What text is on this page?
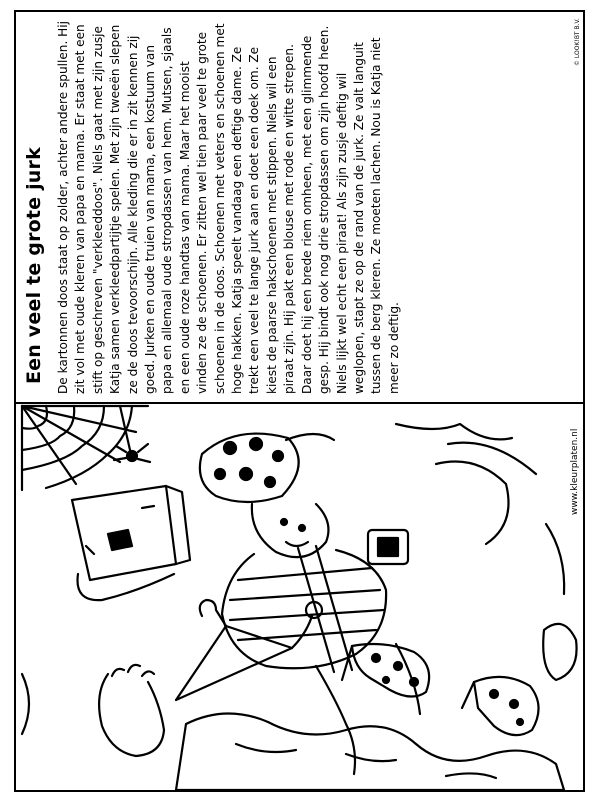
Een veel te grote jurk De kartonnen doos staat op zolder, achter andere spullen. Hij zit vol met oude kleren van papa en mama. Er staat met een stift op geschreven "verkleeddoos". Niels gaat met zijn zusje Katja samen verkleedpartijtje spelen. Met zijn tweeën slepen ze de doos tevoorschijn. Alle kleding die er in zit kennen zij goed. Jurken en oude truien van mama, een kostuum van papa en allemaal oude stropdassen van hem. Mutsen, sjaals en een oude roze handtas van mama. Maar het mooist vinden ze de schoenen. Er zitten wel tien paar veel te grote schoenen in de doos. Schoenen met veters en schoenen met hoge hakken. Katja speelt vandaag een deftige dame. Ze trekt een veel te lange jurk aan en doet een doek om. Ze kiest de paarse hakschoenen met stippen. Niels wil een piraat zijn. Hij pakt een blouse met rode en witte strepen. Daar doet hij een brede riem omheen, met een glimmende gesp. Hij bindt ook nog drie stropdassen om zijn hoofd heen. Niels lijkt wel echt een piraat! Als zijn zusje deftig wil weglopen, stapt ze op de rand van de jurk. Ze valt languit tussen de berg kleren. Ze moeten lachen. Nou is Katja niet meer zo deftig.

© LOOK!BT B.V.
www.kleurplaten.nl
